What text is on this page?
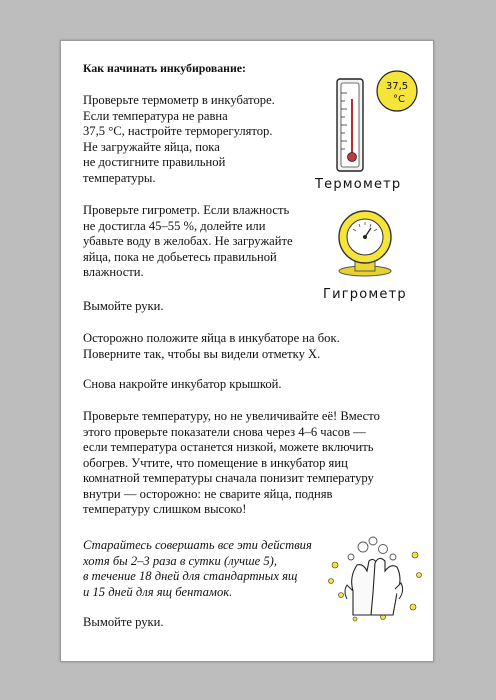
Как начинать инкубирование:
Проверьте термометр в инкубаторе.
Если температура не равна
37,5 °C, настройте терморегулятор.
Не загружайте яйца, пока
не достигните правильной
температуры.
Проверьте гигрометр. Если влажность
не достигла 45–55 %, долейте или
убавьте воду в желобах. Не загружайте
яйца, пока не добьетесь правильной
влажности.
Вымойте руки.
Осторожно положите яйца в инкубаторе на бок.
Поверните так, чтобы вы видели отметку X.
Снова накройте инкубатор крышкой.
Проверьте температуру, но не увеличивайте её! Вместо
этого проверьте показатели снова через 4–6 часов —
если температура останется низкой, можете включить
обогрев. Учтите, что помещение в инкубатор яиц
комнатной температуры сначала понизит температуру
внутри — осторожно: не сварите яйца, подняв
температуру слишком высоко!
Старайтесь совершать все эти действия
хотя бы 2–3 раза в сутки (лучше 5),
в течение 18 дней для стандартных ящ
и 15 дней для ящ бентамок.
Вымойте руки.
37,5
°C
Термометр
Гигрометр
